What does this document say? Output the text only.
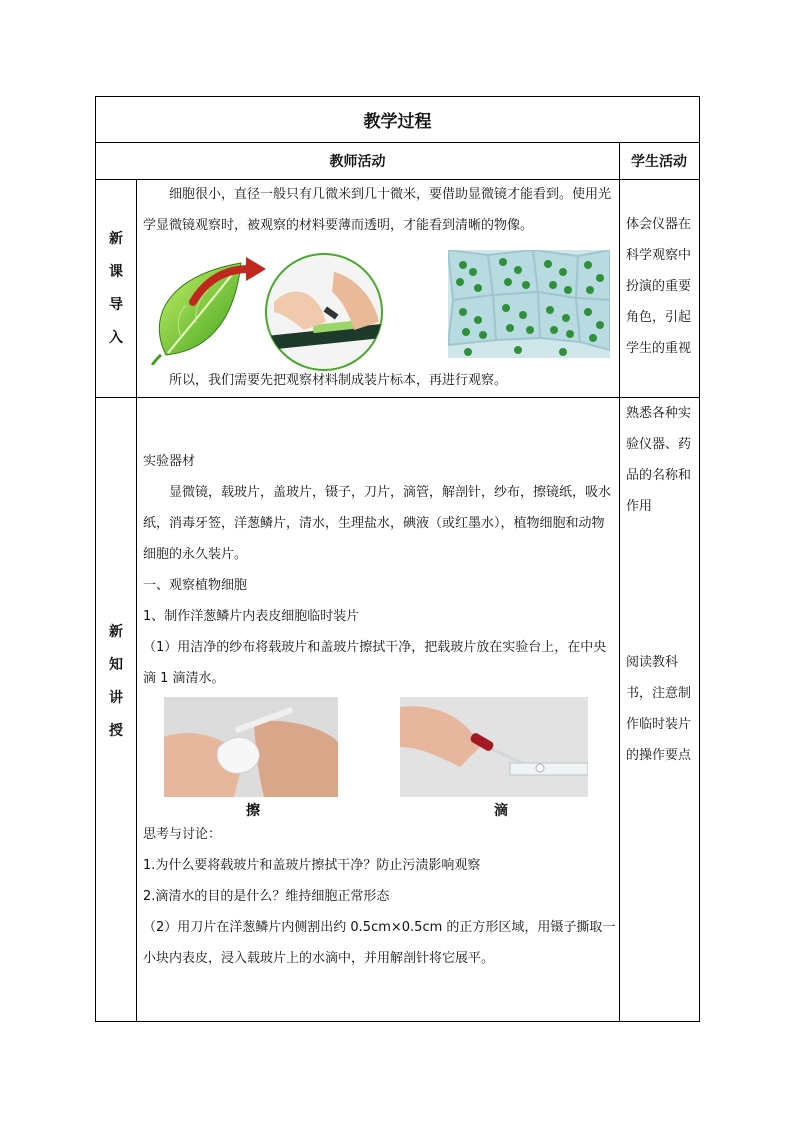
教学过程
教师活动	学生活动
新
课
导
入

细胞很小，直径一般只有几微米到几十微米，要借助显微镜才能看到。使用光学显微镜观察时，被观察的材料要薄而透明，才能看到清晰的物像。

所以，我们需要先把观察材料制成装片标本，再进行观察。

体会仪器在科学观察中扮演的重要角色，引起学生的重视
新
知
讲
授

实验器材

显微镜，载玻片，盖玻片，镊子，刀片，滴管，解剖针，纱布，擦镜纸，吸水纸，消毒牙签，洋葱鳞片，清水，生理盐水，碘液（或红墨水），植物细胞和动物细胞的永久装片。

一、观察植物细胞

1、制作洋葱鳞片内表皮细胞临时装片

（1）用洁净的纱布将载玻片和盖玻片擦拭干净，把载玻片放在实验台上，在中央滴 1 滴清水。

擦	滴

思考与讨论：

1.为什么要将载玻片和盖玻片擦拭干净？防止污渍影响观察

2.滴清水的目的是什么？维持细胞正常形态

（2）用刀片在洋葱鳞片内侧割出约 0.5cm×0.5cm 的正方形区域，用镊子撕取一小块内表皮，浸入载玻片上的水滴中，并用解剖针将它展平。

熟悉各种实验仪器、药品的名称和作用
阅读教科书，注意制作临时装片的操作要点
